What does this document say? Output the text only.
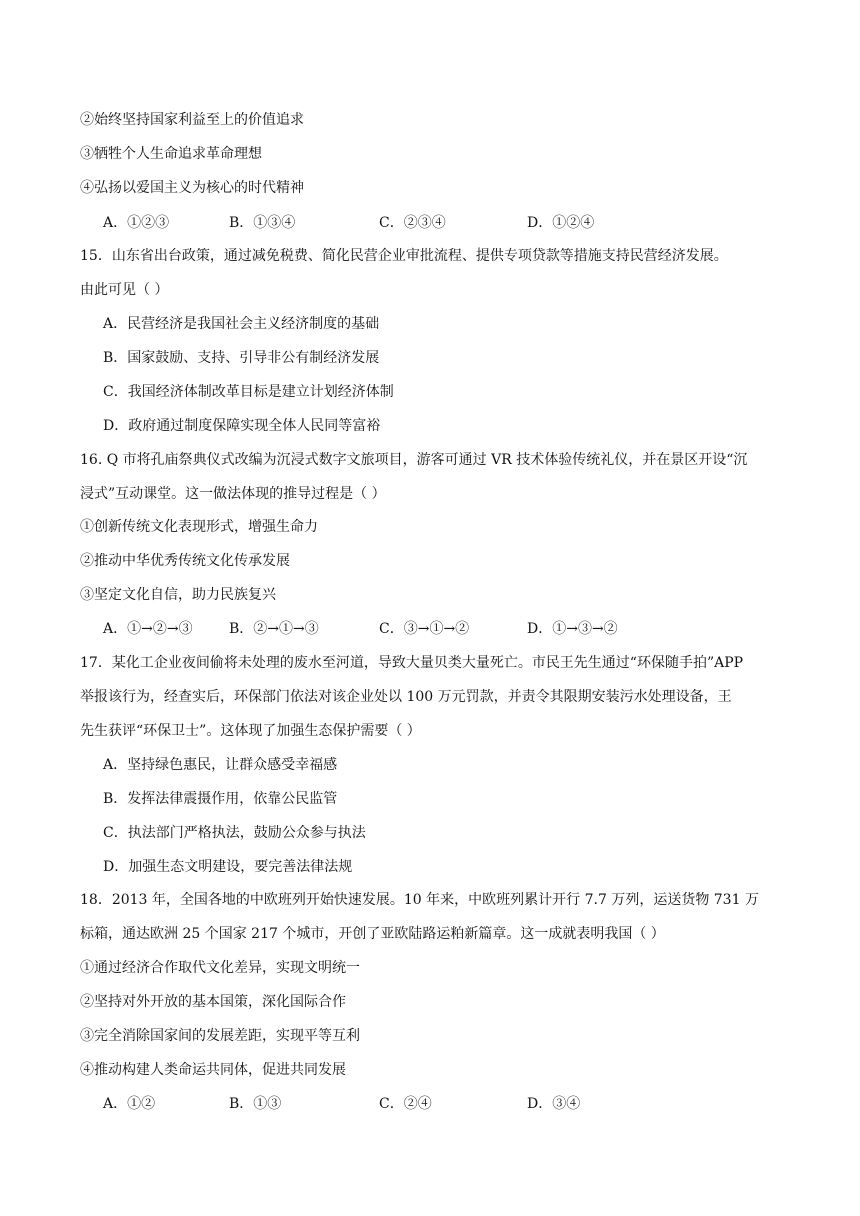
②始终坚持国家利益至上的价值追求
③牺牲个人生命追求革命理想
④弘扬以爱国主义为核心的时代精神
A．①②③	B．①③④	C．②③④	D．①②④
15．山东省出台政策，通过减免税费、简化民营企业审批流程、提供专项贷款等措施支持民营经济发展。
由此可见（ ）
A．民营经济是我国社会主义经济制度的基础
B．国家鼓励、支持、引导非公有制经济发展
C．我国经济体制改革目标是建立计划经济体制
D．政府通过制度保障实现全体人民同等富裕
16. Q 市将孔庙祭典仪式改编为沉浸式数字文旅项目，游客可通过 VR 技术体验传统礼仪，并在景区开设“沉
浸式”互动课堂。这一做法体现的推导过程是（ ）
①创新传统文化表现形式，增强生命力
②推动中华优秀传统文化传承发展
③坚定文化自信，助力民族复兴
A．①→②→③	B．②→①→③	C．③→①→②	D．①→③→②
17．某化工企业夜间偷将未处理的废水至河道，导致大量贝类大量死亡。市民王先生通过“环保随手拍”APP
举报该行为，经查实后，环保部门依法对该企业处以 100 万元罚款，并责令其限期安装污水处理设备，王
先生获评“环保卫士”。这体现了加强生态保护需要（ ）
A．坚持绿色惠民，让群众感受幸福感
B．发挥法律震摄作用，依靠公民监管
C．执法部门严格执法，鼓励公众参与执法
D．加强生态文明建设，要完善法律法规
18．2013 年，全国各地的中欧班列开始快速发展。10 年来，中欧班列累计开行 7.7 万列，运送货物 731 万
标箱，通达欧洲 25 个国家 217 个城市，开创了亚欧陆路运粕新篇章。这一成就表明我国（ ）
①通过经济合作取代文化差异，实现文明统一
②坚持对外开放的基本国策，深化国际合作
③完全消除国家间的发展差距，实现平等互利
④推动构建人类命运共同体，促进共同发展
A．①②	B．①③	C．②④	D．③④
